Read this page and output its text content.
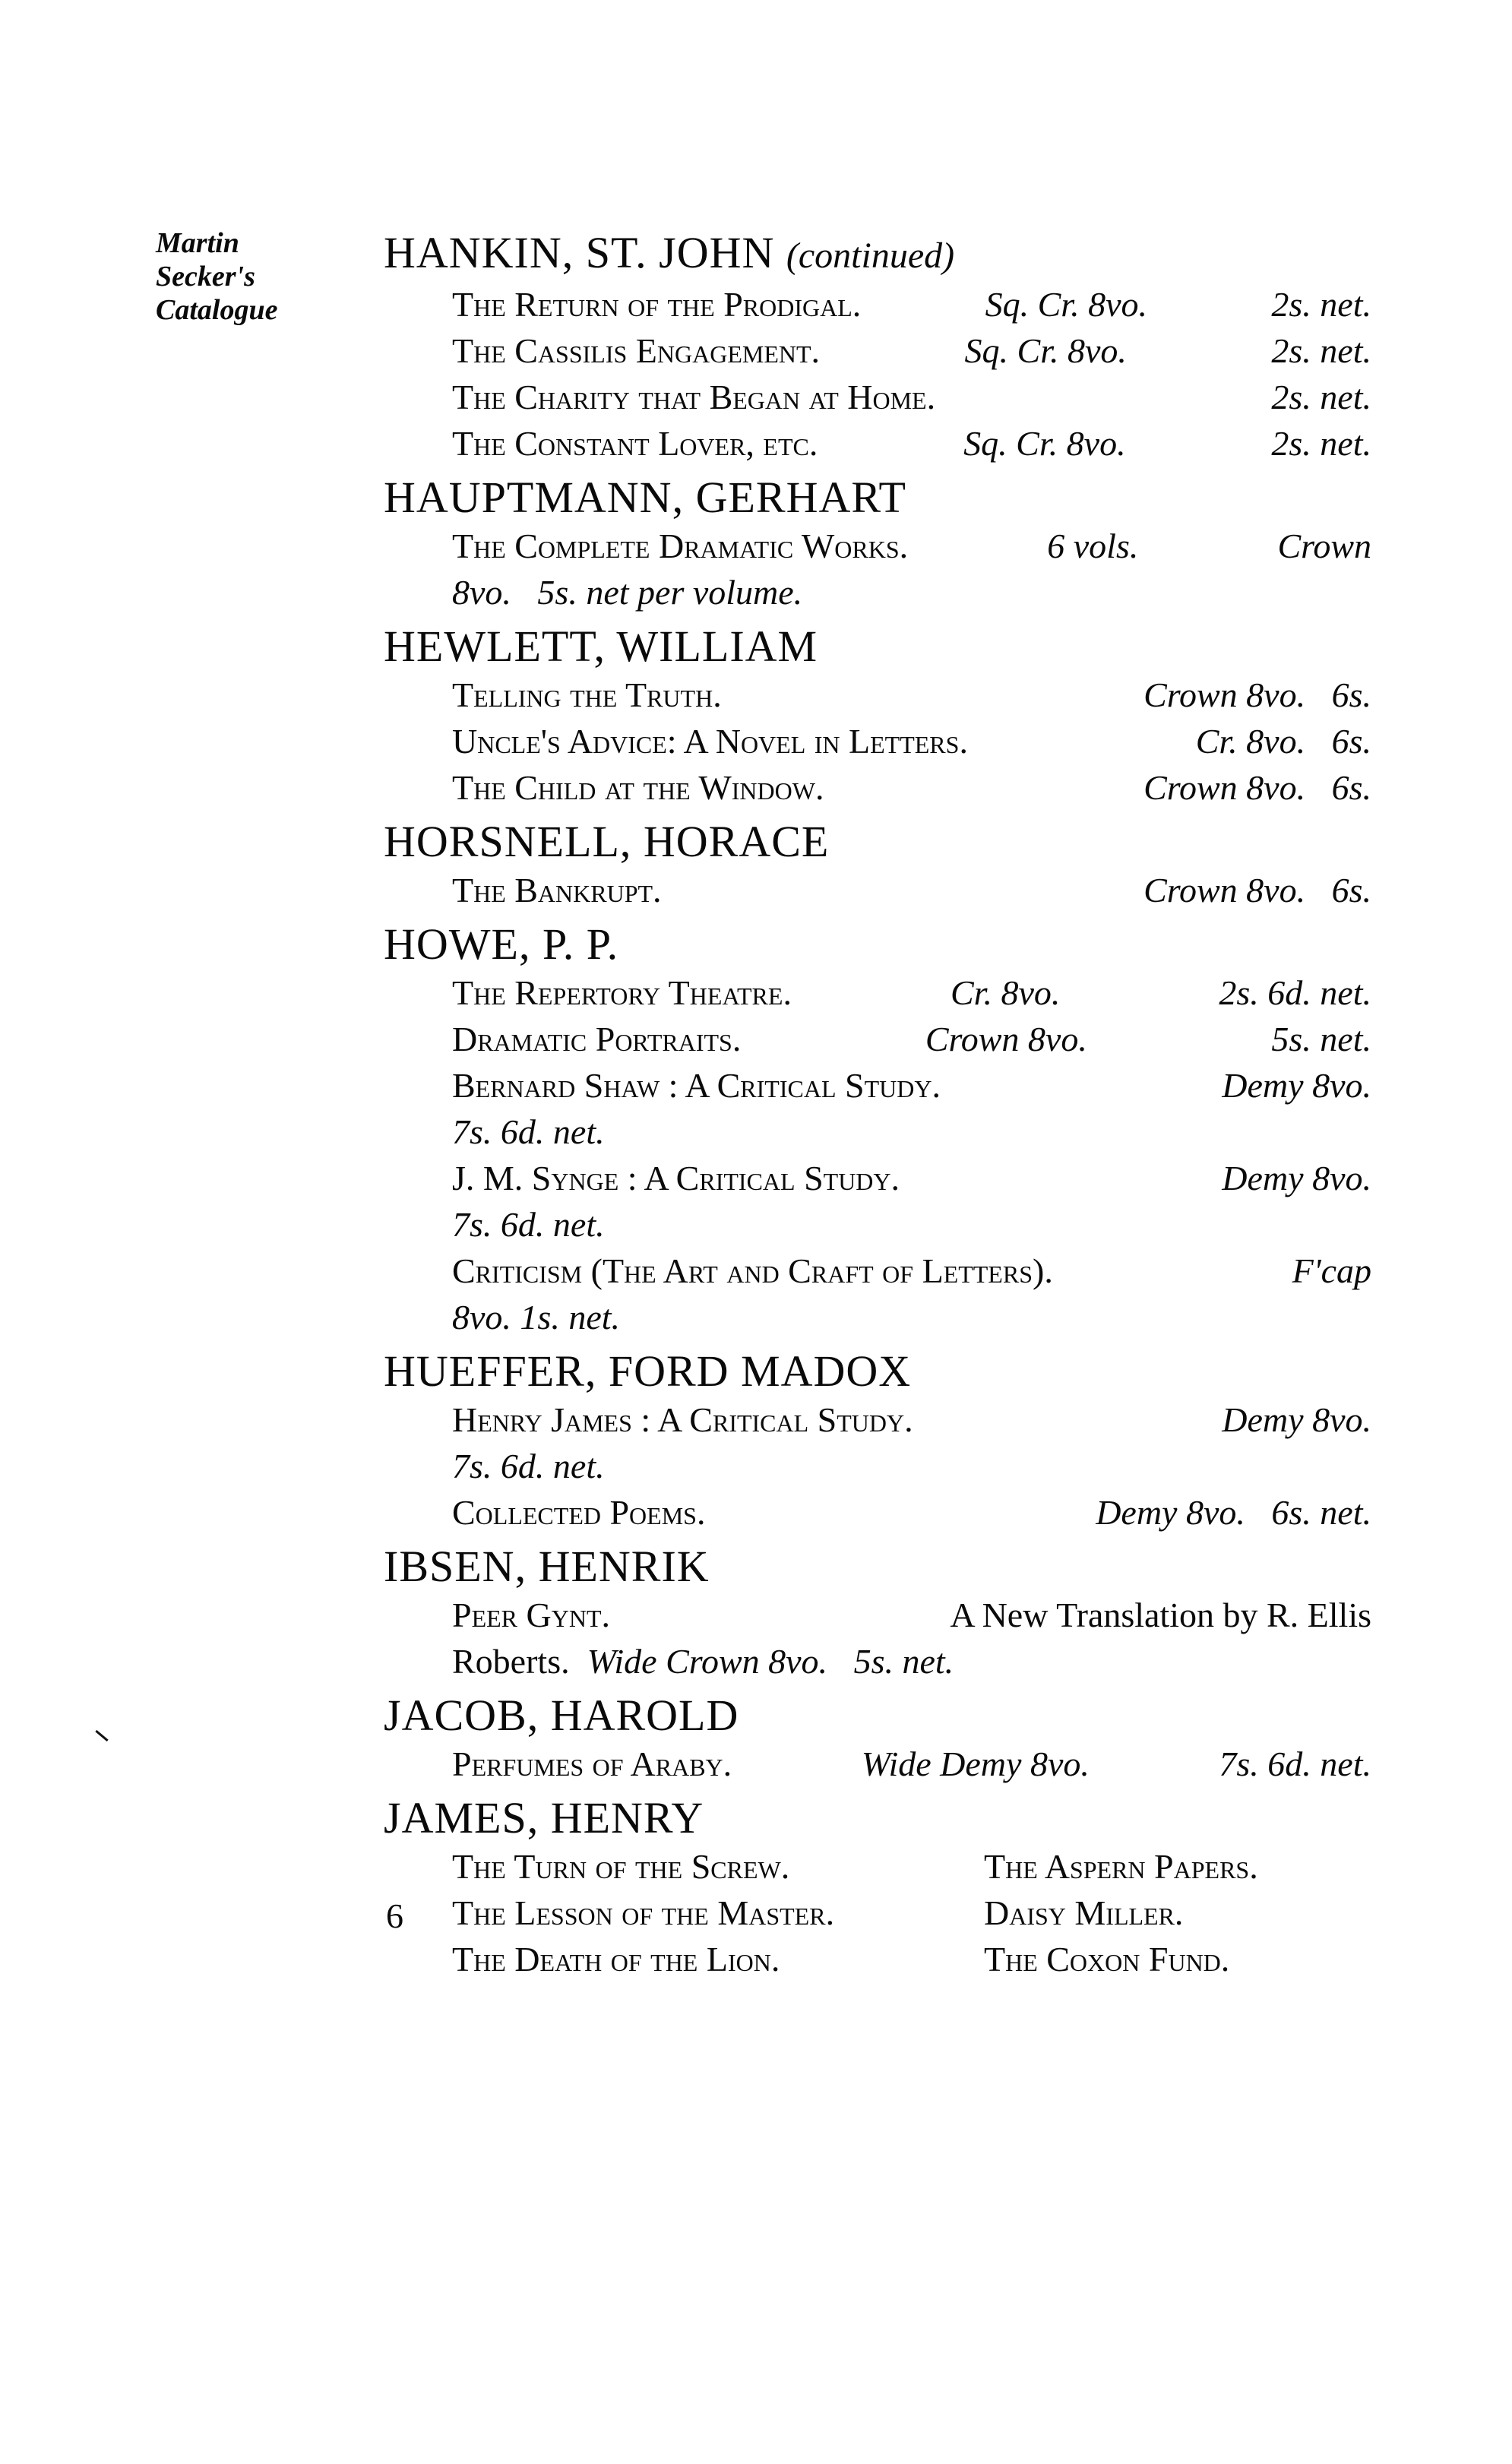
Martin
Secker's
Catalogue
HANKIN, ST. JOHN (continued)
The Return of the Prodigal.	Sq. Cr. 8vo.	2s. net.
The Cassilis Engagement.	Sq. Cr. 8vo.	2s. net.
The Charity that Began at Home.	2s. net.
The Constant Lover, etc.	Sq. Cr. 8vo.	2s. net.
HAUPTMANN, GERHART
The Complete Dramatic Works.	6 vols.	Crown
8vo. 5s. net per volume.
HEWLETT, WILLIAM
Telling the Truth.	Crown 8vo. 6s.
Uncle's Advice: A Novel in Letters.	Cr. 8vo. 6s.
The Child at the Window.	Crown 8vo. 6s.
HORSNELL, HORACE
The Bankrupt.	Crown 8vo. 6s.
HOWE, P. P.
The Repertory Theatre.	Cr. 8vo.	2s. 6d. net.
Dramatic Portraits.	Crown 8vo.	5s. net.
Bernard Shaw : A Critical Study.	Demy 8vo.
7s. 6d. net.
J. M. Synge : A Critical Study.	Demy 8vo.
7s. 6d. net.
Criticism (The Art and Craft of Letters).	F'cap
8vo. 1s. net.
HUEFFER, FORD MADOX
Henry James : A Critical Study.	Demy 8vo.
7s. 6d. net.
Collected Poems.	Demy 8vo. 6s. net.
IBSEN, HENRIK
Peer Gynt.	A New Translation by R. Ellis
Roberts. Wide Crown 8vo. 5s. net.
JACOB, HAROLD
Perfumes of Araby.	Wide Demy 8vo.	7s. 6d. net.
JAMES, HENRY
The Turn of the Screw.	The Aspern Papers.
The Lesson of the Master.	Daisy Miller.
The Death of the Lion.	The Coxon Fund.
6
